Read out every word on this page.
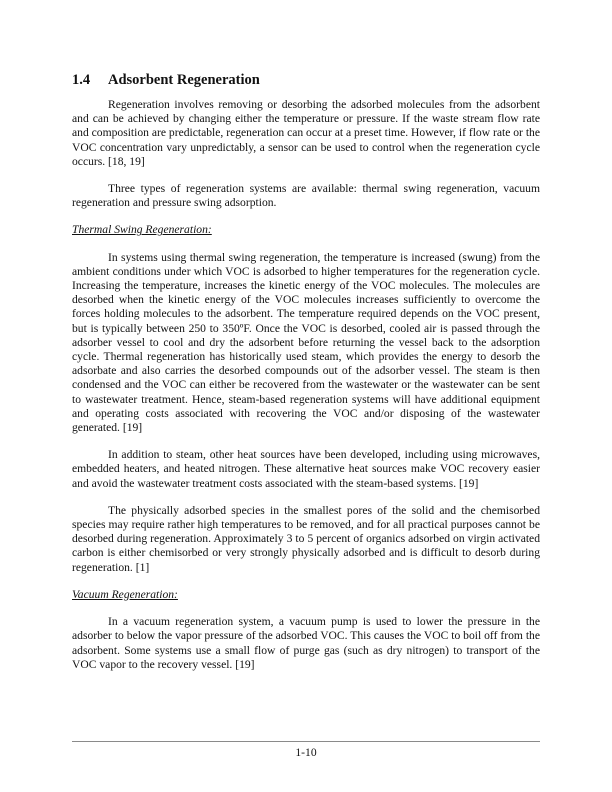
1.4 Adsorbent Regeneration

Regeneration involves removing or desorbing the adsorbed molecules from the adsorbent and can be achieved by changing either the temperature or pressure. If the waste stream flow rate and composition are predictable, regeneration can occur at a preset time. However, if flow rate or the VOC concentration vary unpredictably, a sensor can be used to control when the regeneration cycle occurs. [18, 19]

Three types of regeneration systems are available: thermal swing regeneration, vacuum regeneration and pressure swing adsorption.

Thermal Swing Regeneration:

In systems using thermal swing regeneration, the temperature is increased (swung) from the ambient conditions under which VOC is adsorbed to higher temperatures for the regeneration cycle. Increasing the temperature, increases the kinetic energy of the VOC molecules. The molecules are desorbed when the kinetic energy of the VOC molecules increases sufficiently to overcome the forces holding molecules to the adsorbent. The temperature required depends on the VOC present, but is typically between 250 to 350ºF. Once the VOC is desorbed, cooled air is passed through the adsorber vessel to cool and dry the adsorbent before returning the vessel back to the adsorption cycle. Thermal regeneration has historically used steam, which provides the energy to desorb the adsorbate and also carries the desorbed compounds out of the adsorber vessel. The steam is then condensed and the VOC can either be recovered from the wastewater or the wastewater can be sent to wastewater treatment. Hence, steam-based regeneration systems will have additional equipment and operating costs associated with recovering the VOC and/or disposing of the wastewater generated. [19]

In addition to steam, other heat sources have been developed, including using microwaves, embedded heaters, and heated nitrogen. These alternative heat sources make VOC recovery easier and avoid the wastewater treatment costs associated with the steam-based systems. [19]

The physically adsorbed species in the smallest pores of the solid and the chemisorbed species may require rather high temperatures to be removed, and for all practical purposes cannot be desorbed during regeneration. Approximately 3 to 5 percent of organics adsorbed on virgin activated carbon is either chemisorbed or very strongly physically adsorbed and is difficult to desorb during regeneration. [1]

Vacuum Regeneration:

In a vacuum regeneration system, a vacuum pump is used to lower the pressure in the adsorber to below the vapor pressure of the adsorbed VOC. This causes the VOC to boil off from the adsorbent. Some systems use a small flow of purge gas (such as dry nitrogen) to transport of the VOC vapor to the recovery vessel. [19]

1-10
